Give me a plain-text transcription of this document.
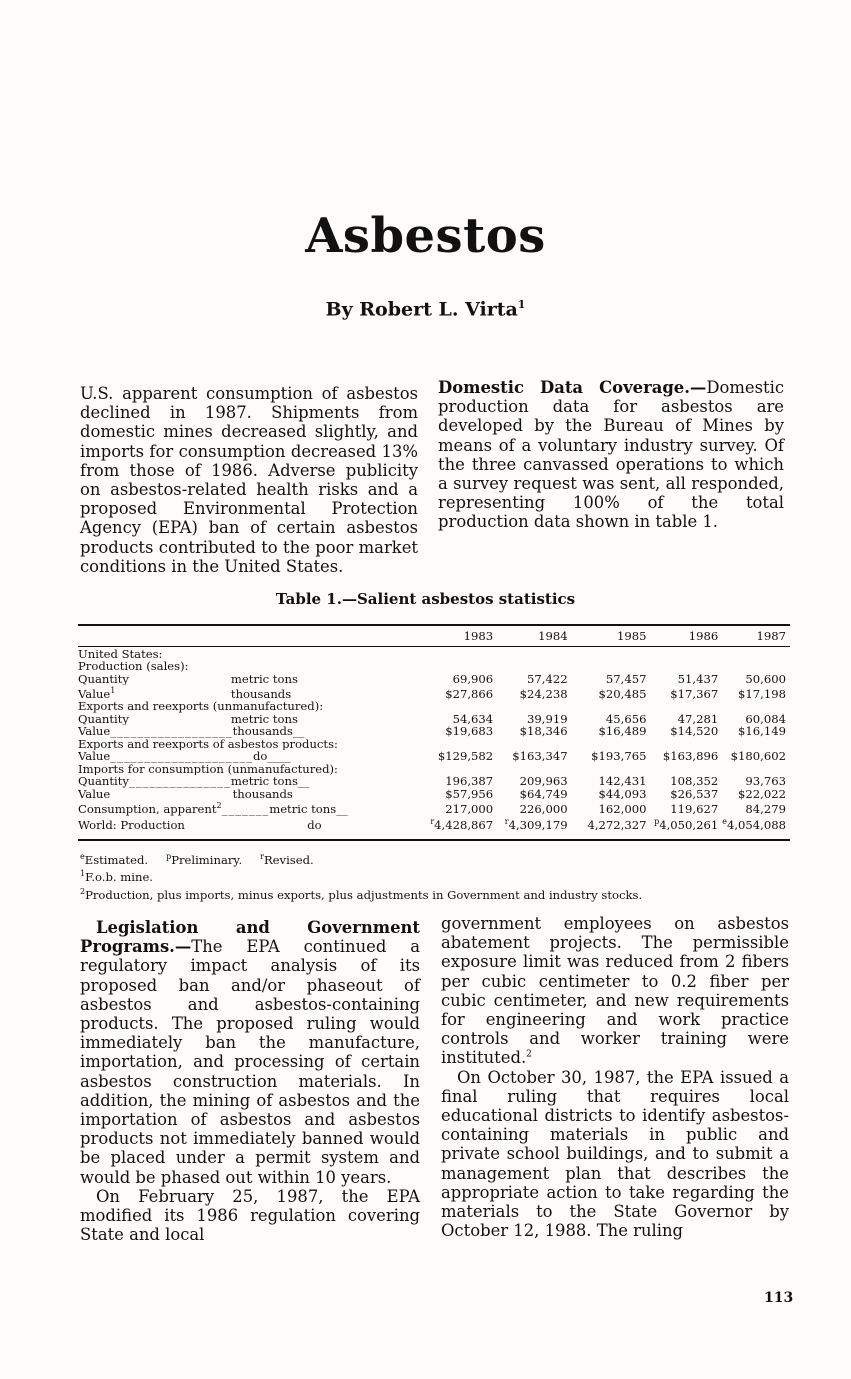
Asbestos
By Robert L. Virta$^1$

U.S. apparent consumption of asbestos declined in 1987. Shipments from domestic mines decreased slightly, and imports for consumption decreased 13% from those of 1986. Adverse publicity on asbestos-related health risks and a proposed Environmental Protection Agency (EPA) ban of certain asbestos products contributed to the poor market conditions in the United States.

Domestic Data Coverage.—Domestic production data for asbestos are developed by the Bureau of Mines by means of a voluntary industry survey. Of the three canvassed operations to which a survey request was sent, all responded, representing 100% of the total production data shown in table 1.

Table 1.—Salient asbestos statistics
	1983	1984	1985	1986	1987
United States:					
Production (sales):					
Quantity_______________metric tons__	69,906	57,422	57,457	51,437	50,600
Value$^1$_________________thousands__	$27,866	$24,238	$20,485	$17,367	$17,198
Exports and reexports (unmanufactured):					
Quantity_______________metric tons__	54,634	39,919	45,656	47,281	60,084
Value__________________thousands__	$19,683	$18,346	$16,489	$14,520	$16,149
Exports and reexports of asbestos products:					
Value_____________________do____	$129,582	$163,347	$193,765	$163,896	$180,602
Imports for consumption (unmanufactured):					
Quantity_______________metric tons__	196,387	209,963	142,431	108,352	93,763
Value__________________thousands__	$57,956	$64,749	$44,093	$26,537	$22,022
Consumption, apparent$^2$_______metric tons__	217,000	226,000	162,000	119,627	84,279
World: Production__________________do____	$^r$4,428,867	$^r$4,309,179	4,272,327	$^p$4,050,261	$^e$4,054,088
$^e$Estimated. $^p$Preliminary. $^r$Revised.
$^1$F.o.b. mine.
$^2$Production, plus imports, minus exports, plus adjustments in Government and industry stocks.

Legislation and Government Programs.—The EPA continued a regulatory impact analysis of its proposed ban and/or phaseout of asbestos and asbestos-containing products. The proposed ruling would immediately ban the manufacture, importation, and processing of certain asbestos construction materials. In addition, the mining of asbestos and the importation of asbestos and asbestos products not immediately banned would be placed under a permit system and would be phased out within 10 years.

On February 25, 1987, the EPA modified its 1986 regulation covering State and local

government employees on asbestos abatement projects. The permissible exposure limit was reduced from 2 fibers per cubic centimeter to 0.2 fiber per cubic centimeter, and new requirements for engineering and work practice controls and worker training were instituted.$^2$

On October 30, 1987, the EPA issued a final ruling that requires local educational districts to identify asbestos-containing materials in public and private school buildings, and to submit a management plan that describes the appropriate action to take regarding the materials to the State Governor by October 12, 1988. The ruling

113
